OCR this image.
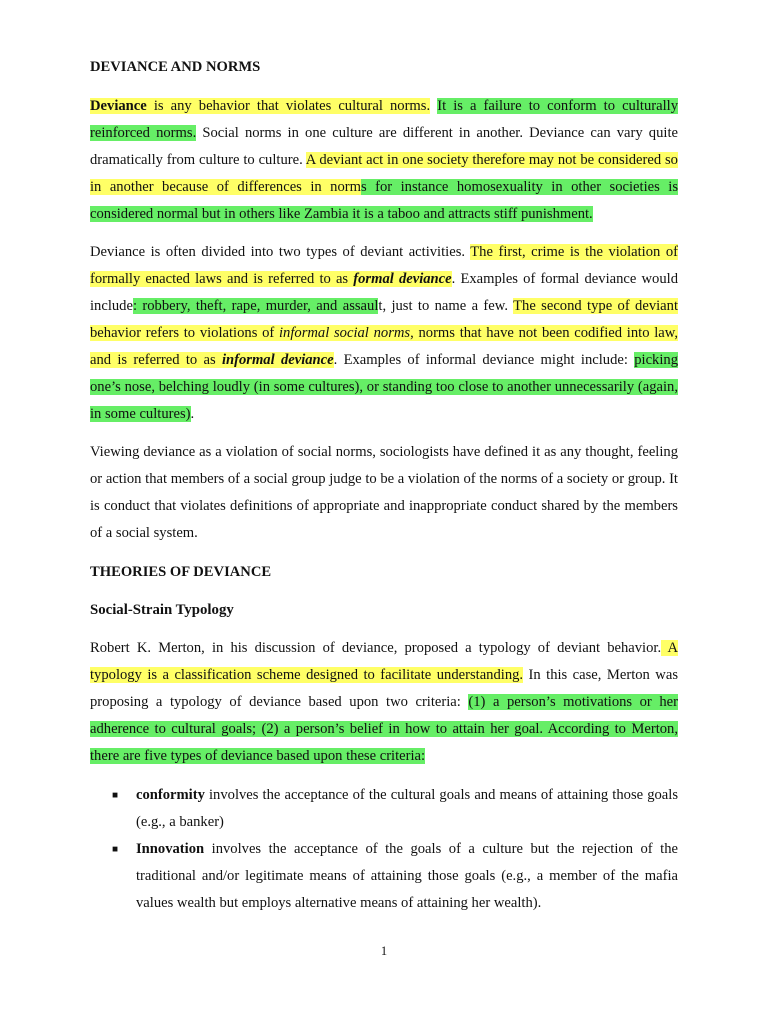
DEVIANCE AND NORMS

Deviance is any behavior that violates cultural norms. It is a failure to conform to culturally reinforced norms. Social norms in one culture are different in another. Deviance can vary quite dramatically from culture to culture. A deviant act in one society therefore may not be considered so in another because of differences in norms for instance homosexuality in other societies is considered normal but in others like Zambia it is a taboo and attracts stiff punishment.

Deviance is often divided into two types of deviant activities. The first, crime is the violation of formally enacted laws and is referred to as formal deviance. Examples of formal deviance would include: robbery, theft, rape, murder, and assault, just to name a few. The second type of deviant behavior refers to violations of informal social norms, norms that have not been codified into law, and is referred to as informal deviance. Examples of informal deviance might include: picking one’s nose, belching loudly (in some cultures), or standing too close to another unnecessarily (again, in some cultures).

Viewing deviance as a violation of social norms, sociologists have defined it as any thought, feeling or action that members of a social group judge to be a violation of the norms of a society or group. It is conduct that violates definitions of appropriate and inappropriate conduct shared by the members of a social system.

THEORIES OF DEVIANCE
Social-Strain Typology

Robert K. Merton, in his discussion of deviance, proposed a typology of deviant behavior. A typology is a classification scheme designed to facilitate understanding. In this case, Merton was proposing a typology of deviance based upon two criteria: (1) a person’s motivations or her adherence to cultural goals; (2) a person’s belief in how to attain her goal. According to Merton, there are five types of deviance based upon these criteria:

■ conformity involves the acceptance of the cultural goals and means of attaining those goals (e.g., a banker)
■ Innovation involves the acceptance of the goals of a culture but the rejection of the traditional and/or legitimate means of attaining those goals (e.g., a member of the mafia values wealth but employs alternative means of attaining her wealth).
1
